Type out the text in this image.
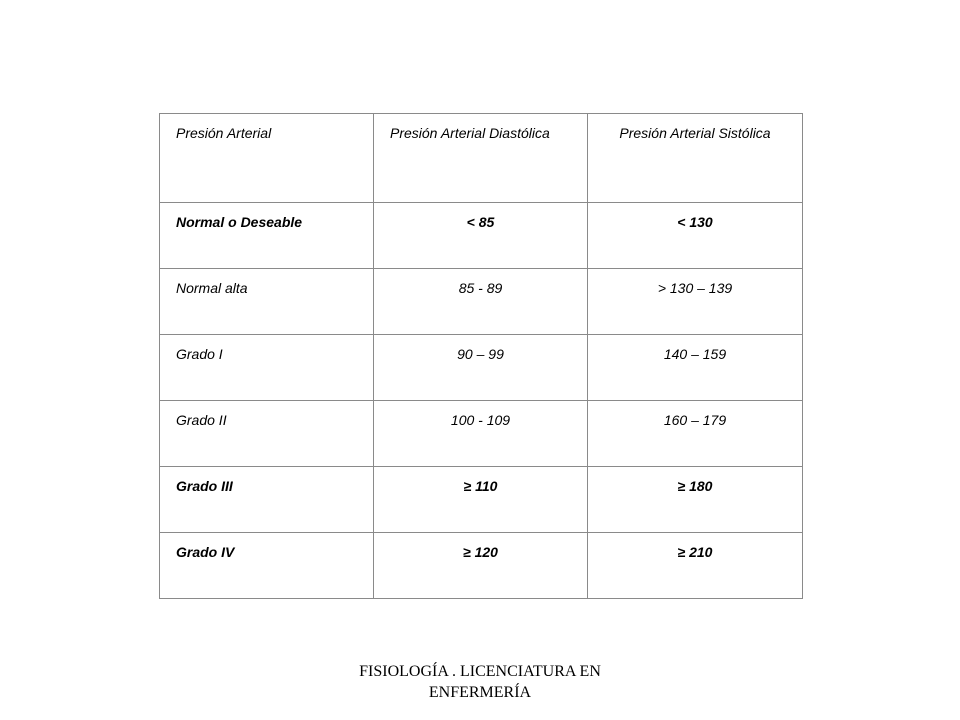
Presión Arterial	Presión Arterial Diastólica	Presión Arterial Sistólica
Normal o Deseable	< 85	< 130
Normal alta	85 - 89	> 130 – 139
Grado I	90 – 99	140 – 159
Grado II	100 - 109	160 – 179
Grado III	≥ 110	≥ 180
Grado IV	≥ 120	≥ 210
FISIOLOGÍA . LICENCIATURA EN
ENFERMERÍA
